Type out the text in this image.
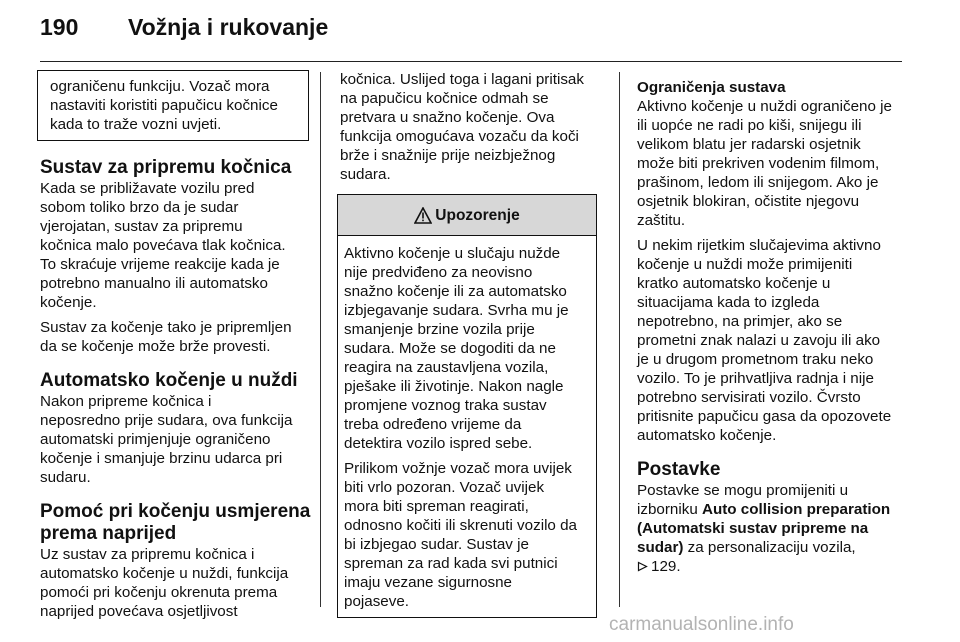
190 Vožnja i rukovanje
ograničenu funkciju. Vozač mora
nastaviti koristiti papučicu kočnice
kada to traže vozni uvjeti.
Sustav za pripremu kočnica
Kada se približavate vozilu pred
sobom toliko brzo da je sudar
vjerojatan, sustav za pripremu
kočnica malo povećava tlak kočnica.
To skraćuje vrijeme reakcije kada je
potrebno manualno ili automatsko
kočenje.
Sustav za kočenje tako je pripremljen
da se kočenje može brže provesti.
Automatsko kočenje u nuždi
Nakon pripreme kočnica i
neposredno prije sudara, ova funkcija
automatski primjenjuje ograničeno
kočenje i smanjuje brzinu udarca pri
sudaru.
Pomoć pri kočenju usmjerena
prema naprijed
Uz sustav za pripremu kočnica i
automatsko kočenje u nuždi, funkcija
pomoći pri kočenju okrenuta prema
naprijed povećava osjetljivost
kočnica. Uslijed toga i lagani pritisak
na papučicu kočnice odmah se
pretvara u snažno kočenje. Ova
funkcija omogućava vozaču da koči
brže i snažnije prije neizbježnog
sudara.
Upozorenje
Aktivno kočenje u slučaju nužde
nije predviđeno za neovisno
snažno kočenje ili za automatsko
izbjegavanje sudara. Svrha mu je
smanjenje brzine vozila prije
sudara. Može se dogoditi da ne
reagira na zaustavljena vozila,
pješake ili životinje. Nakon nagle
promjene voznog traka sustav
treba određeno vrijeme da
detektira vozilo ispred sebe.
Prilikom vožnje vozač mora uvijek
biti vrlo pozoran. Vozač uvijek
mora biti spreman reagirati,
odnosno kočiti ili skrenuti vozilo da
bi izbjegao sudar. Sustav je
spreman za rad kada svi putnici
imaju vezane sigurnosne
pojaseve.
Ograničenja sustava
Aktivno kočenje u nuždi ograničeno je
ili uopće ne radi po kiši, snijegu ili
velikom blatu jer radarski osjetnik
može biti prekriven vodenim filmom,
prašinom, ledom ili snijegom. Ako je
osjetnik blokiran, očistite njegovu
zaštitu.
U nekim rijetkim slučajevima aktivno
kočenje u nuždi može primijeniti
kratko automatsko kočenje u
situacijama kada to izgleda
nepotrebno, na primjer, ako se
prometni znak nalazi u zavoju ili ako
je u drugom prometnom traku neko
vozilo. To je prihvatljiva radnja i nije
potrebno servisirati vozilo. Čvrsto
pritisnite papučicu gasa da opozovete
automatsko kočenje.
Postavke
Postavke se mogu promijeniti u
izborniku Auto collision preparation
(Automatski sustav pripreme na
sudar) za personalizaciju vozila,
129.
carmanualsonline.info
